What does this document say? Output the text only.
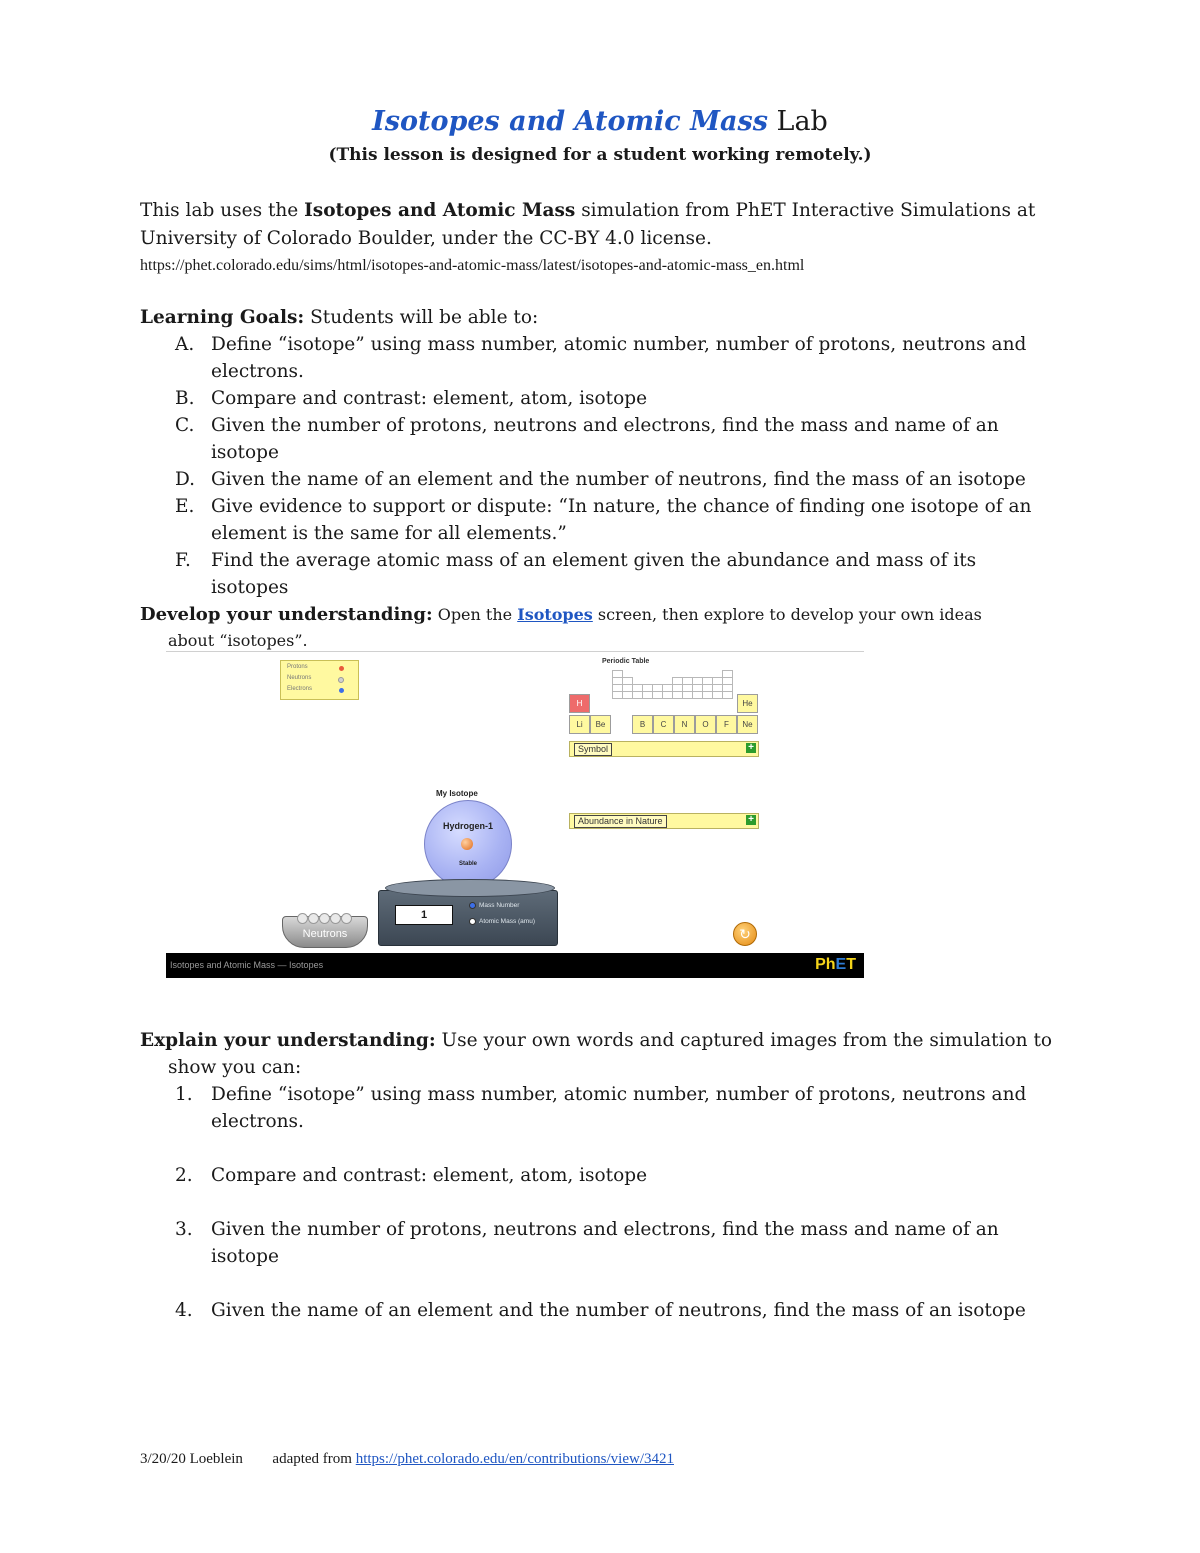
Isotopes and Atomic Mass Lab
(This lesson is designed for a student working remotely.)
This lab uses the Isotopes and Atomic Mass simulation from PhET Interactive Simulations at
University of Colorado Boulder, under the CC-BY 4.0 license.
https://phet.colorado.edu/sims/html/isotopes-and-atomic-mass/latest/isotopes-and-atomic-mass_en.html
Learning Goals: Students will be able to:
A. Define “isotope” using mass number, atomic number, number of protons, neutrons and
electrons.
B. Compare and contrast: element, atom, isotope
C. Given the number of protons, neutrons and electrons, find the mass and name of an
isotope
D. Given the name of an element and the number of neutrons, find the mass of an isotope
E. Give evidence to support or dispute: “In nature, the chance of finding one isotope of an
element is the same for all elements.”
F. Find the average atomic mass of an element given the abundance and mass of its isotopes
Develop your understanding: Open the Isotopes screen, then explore to develop your own ideas
about “isotopes”.
Protons
Neutrons
Electrons
Periodic Table
H	He
Li	Be	B	C	N	O	F	Ne
Symbol	+
Abundance in Nature	+
My Isotope
Hydrogen-1
Stable
1
Mass Number
Atomic Mass (amu)
Neutrons	↻
Isotopes and Atomic Mass — Isotopes	PhET
Explain your understanding: Use your own words and captured images from the simulation to
show you can:
1. Define “isotope” using mass number, atomic number, number of protons, neutrons and
electrons.
2. Compare and contrast: element, atom, isotope
3. Given the number of protons, neutrons and electrons, find the mass and name of an
isotope
4. Given the name of an element and the number of neutrons, find the mass of an isotope
3/20/20 Loeblein adapted from https://phet.colorado.edu/en/contributions/view/3421
